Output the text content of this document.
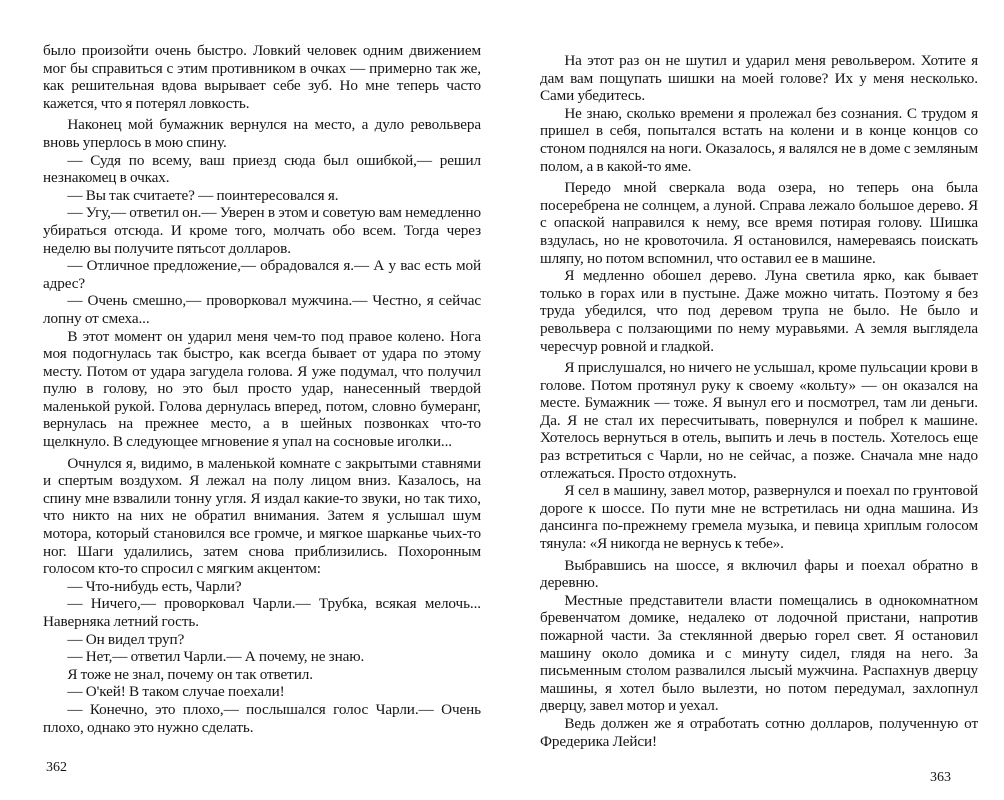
было произойти очень быстро. Ловкий человек одним движением мог бы справиться с этим противником в очках — примерно так же, как решительная вдова вырывает себе зуб. Но мне теперь часто кажется, что я потерял ловкость.

Наконец мой бумажник вернулся на место, а дуло револьвера вновь уперлось в мою спину.

— Судя по всему, ваш приезд сюда был ошибкой,— решил незнакомец в очках.

— Вы так считаете? — поинтересовался я.

— Угу,— ответил он.— Уверен в этом и советую вам немедленно убираться отсюда. И кроме того, молчать обо всем. Тогда через неделю вы получите пятьсот долларов.

— Отличное предложение,— обрадовался я.— А у вас есть мой адрес?

— Очень смешно,— проворковал мужчина.— Честно, я сейчас лопну от смеха...

В этот момент он ударил меня чем-то под правое колено. Нога моя подогнулась так быстро, как всегда бывает от удара по этому месту. Потом от удара загудела голова. Я уже подумал, что получил пулю в голову, но это был просто удар, нанесенный твердой маленькой рукой. Голова дернулась вперед, потом, словно бумеранг, вернулась на прежнее место, а в шейных позвонках что-то щелкнуло. В следующее мгновение я упал на сосновые иголки...

Очнулся я, видимо, в маленькой комнате с закрытыми ставнями и спертым воздухом. Я лежал на полу лицом вниз. Казалось, на спину мне взвалили тонну угля. Я издал какие-то звуки, но так тихо, что никто на них не обратил внимания. Затем я услышал шум мотора, который становился все громче, и мягкое шарканье чьих-то ног. Шаги удалились, затем снова приблизились. Похоронным голосом кто-то спросил с мягким акцентом:

— Что-нибудь есть, Чарли?

— Ничего,— проворковал Чарли.— Трубка, всякая мелочь... Наверняка летний гость.

— Он видел труп?

— Нет,— ответил Чарли.— А почему, не знаю.

Я тоже не знал, почему он так ответил.

— О'кей! В таком случае поехали!

— Конечно, это плохо,— послышался голос Чарли.— Очень плохо, однако это нужно сделать.

362

На этот раз он не шутил и ударил меня револьвером. Хотите я дам вам пощупать шишки на моей голове? Их у меня несколько. Сами убедитесь.

Не знаю, сколько времени я пролежал без сознания. С трудом я пришел в себя, попытался встать на колени и в конце концов со стоном поднялся на ноги. Оказалось, я валялся не в доме с земляным полом, а в какой-то яме.

Передо мной сверкала вода озера, но теперь она была посеребрена не солнцем, а луной. Справа лежало большое дерево. Я с опаской направился к нему, все время потирая голову. Шишка вздулась, но не кровоточила. Я остановился, намереваясь поискать шляпу, но потом вспомнил, что оставил ее в машине.

Я медленно обошел дерево. Луна светила ярко, как бывает только в горах или в пустыне. Даже можно читать. Поэтому я без труда убедился, что под деревом трупа не было. Не было и револьвера с ползающими по нему муравьями. А земля выглядела чересчур ровной и гладкой.

Я прислушался, но ничего не услышал, кроме пульсации крови в голове. Потом протянул руку к своему «кольту» — он оказался на месте. Бумажник — тоже. Я вынул его и посмотрел, там ли деньги. Да. Я не стал их пересчитывать, повернулся и побрел к машине. Хотелось вернуться в отель, выпить и лечь в постель. Хотелось еще раз встретиться с Чарли, но не сейчас, а позже. Сначала мне надо отлежаться. Просто отдохнуть.

Я сел в машину, завел мотор, развернулся и поехал по грунтовой дороге к шоссе. По пути мне не встретилась ни одна машина. Из дансинга по-прежнему гремела музыка, и певица хриплым голосом тянула: «Я никогда не вернусь к тебе».

Выбравшись на шоссе, я включил фары и поехал обратно в деревню.

Местные представители власти помещались в однокомнатном бревенчатом домике, недалеко от лодочной пристани, напротив пожарной части. За стеклянной дверью горел свет. Я остановил машину около домика и с минуту сидел, глядя на него. За письменным столом развалился лысый мужчина. Распахнув дверцу машины, я хотел было вылезти, но потом передумал, захлопнул дверцу, завел мотор и уехал.

Ведь должен же я отработать сотню долларов, полученную от Фредерика Лейси!

363
